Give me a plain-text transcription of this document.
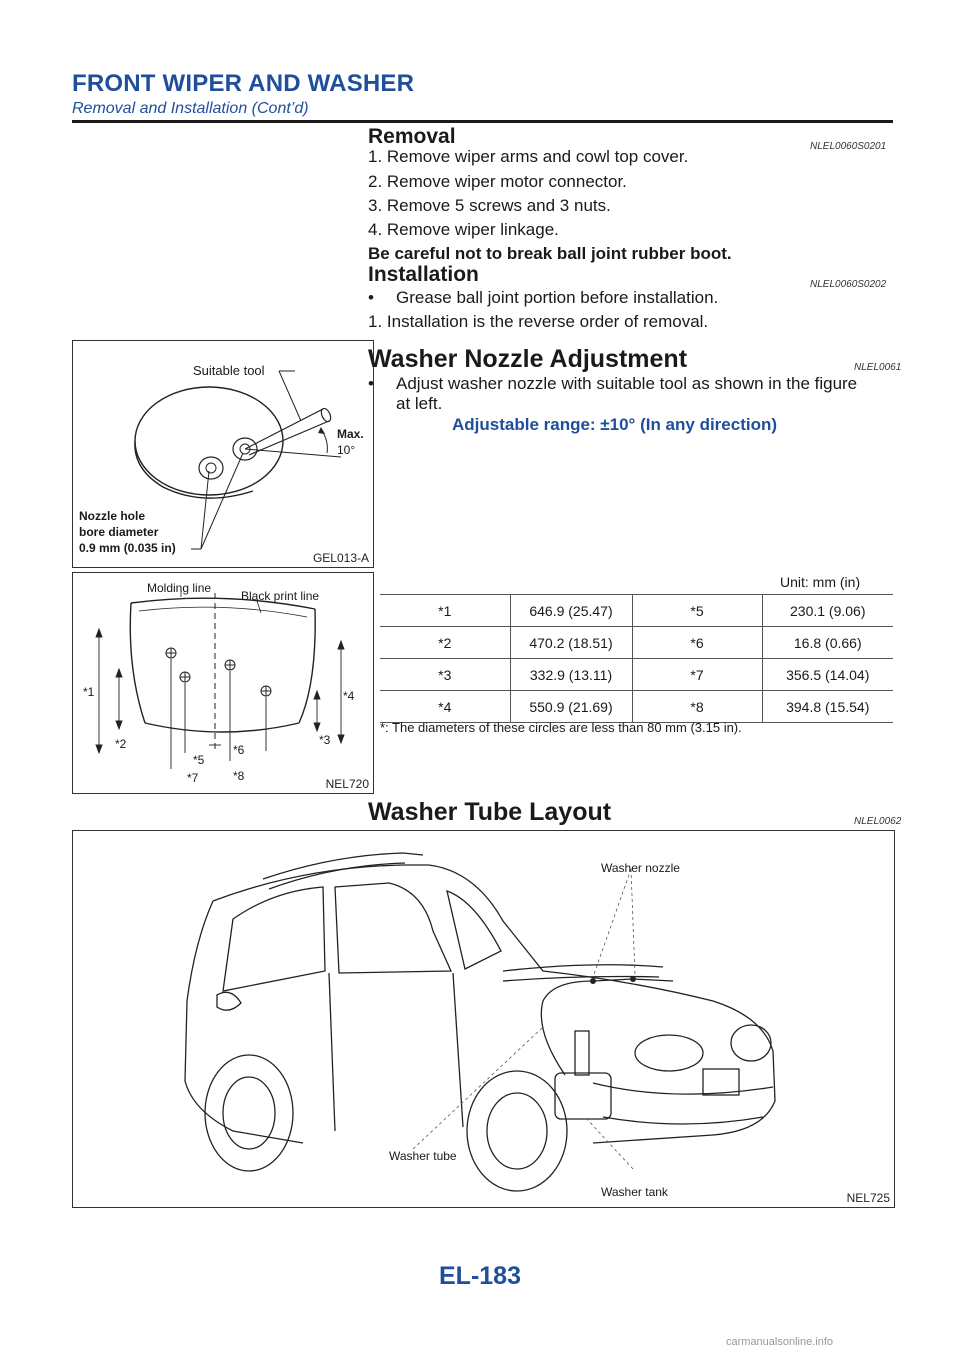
FRONT WIPER AND WASHER
Removal and Installation (Cont’d)
Removal	NLEL0060S0201
1. Remove wiper arms and cowl top cover.
2. Remove wiper motor connector.
3. Remove 5 screws and 3 nuts.
4. Remove wiper linkage.
Be careful not to break ball joint rubber boot.
Installation	NLEL0060S0202
• Grease ball joint portion before installation.
1. Installation is the reverse order of removal.
Suitable tool
Max.
10°
Nozzle hole
bore diameter
0.9 mm (0.035 in)
GEL013-A
Washer Nozzle Adjustment	NLEL0061
• Adjust washer nozzle with suitable tool as shown in the figure
at left.
Adjustable range: ±10° (In any direction)
Molding line
Black print line
*1
*2	*3
*4
*5
*6
*7	*8
NEL720
Unit: mm (in)
*1	646.9 (25.47)	*5	230.1 (9.06)
*2	470.2 (18.51)	*6	16.8 (0.66)
*3	332.9 (13.11)	*7	356.5 (14.04)
*4	550.9 (21.69)	*8	394.8 (15.54)
*: The diameters of these circles are less than 80 mm (3.15 in).
Washer Tube Layout	NLEL0062
Washer nozzle
Washer tube
Washer tank	NEL725
EL-183
carmanualsonline.info
